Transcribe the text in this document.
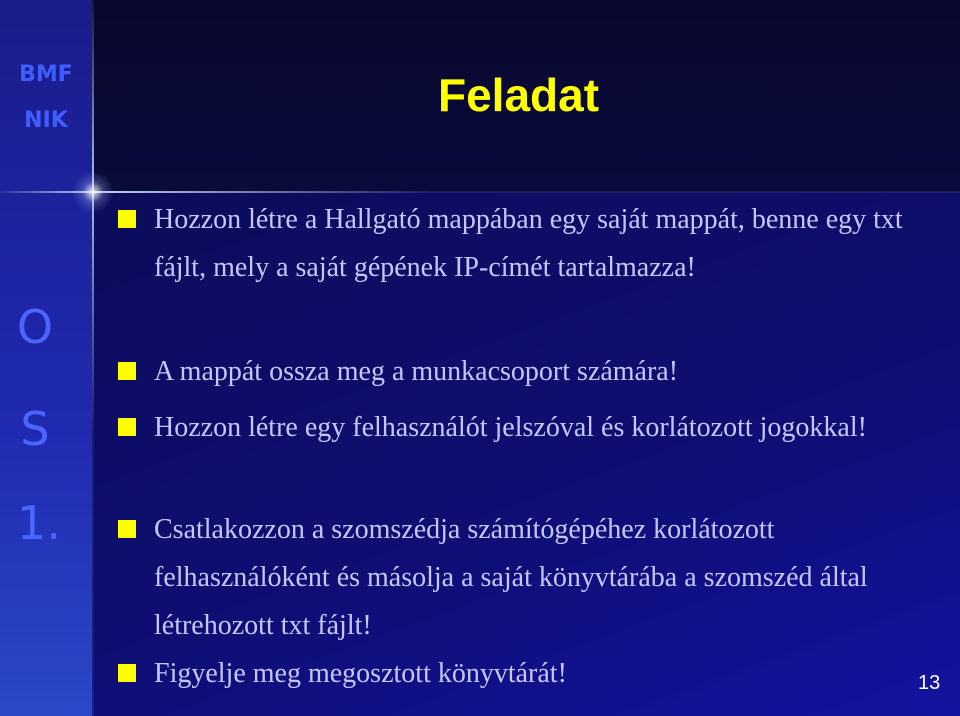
BMF
NIK
O
S
1.
Feladat
Hozzon létre a Hallgató mappában egy saját mappát, benne egy txt fájlt, mely a saját gépének IP-címét tartalmazza!
A mappát ossza meg a munkacsoport számára!
Hozzon létre egy felhasználót jelszóval és korlátozott jogokkal!
Csatlakozzon a szomszédja számítógépéhez korlátozott felhasználóként és másolja a saját könyvtárába a szomszéd által létrehozott txt fájlt!
Figyelje meg megosztott könyvtárát!	13
